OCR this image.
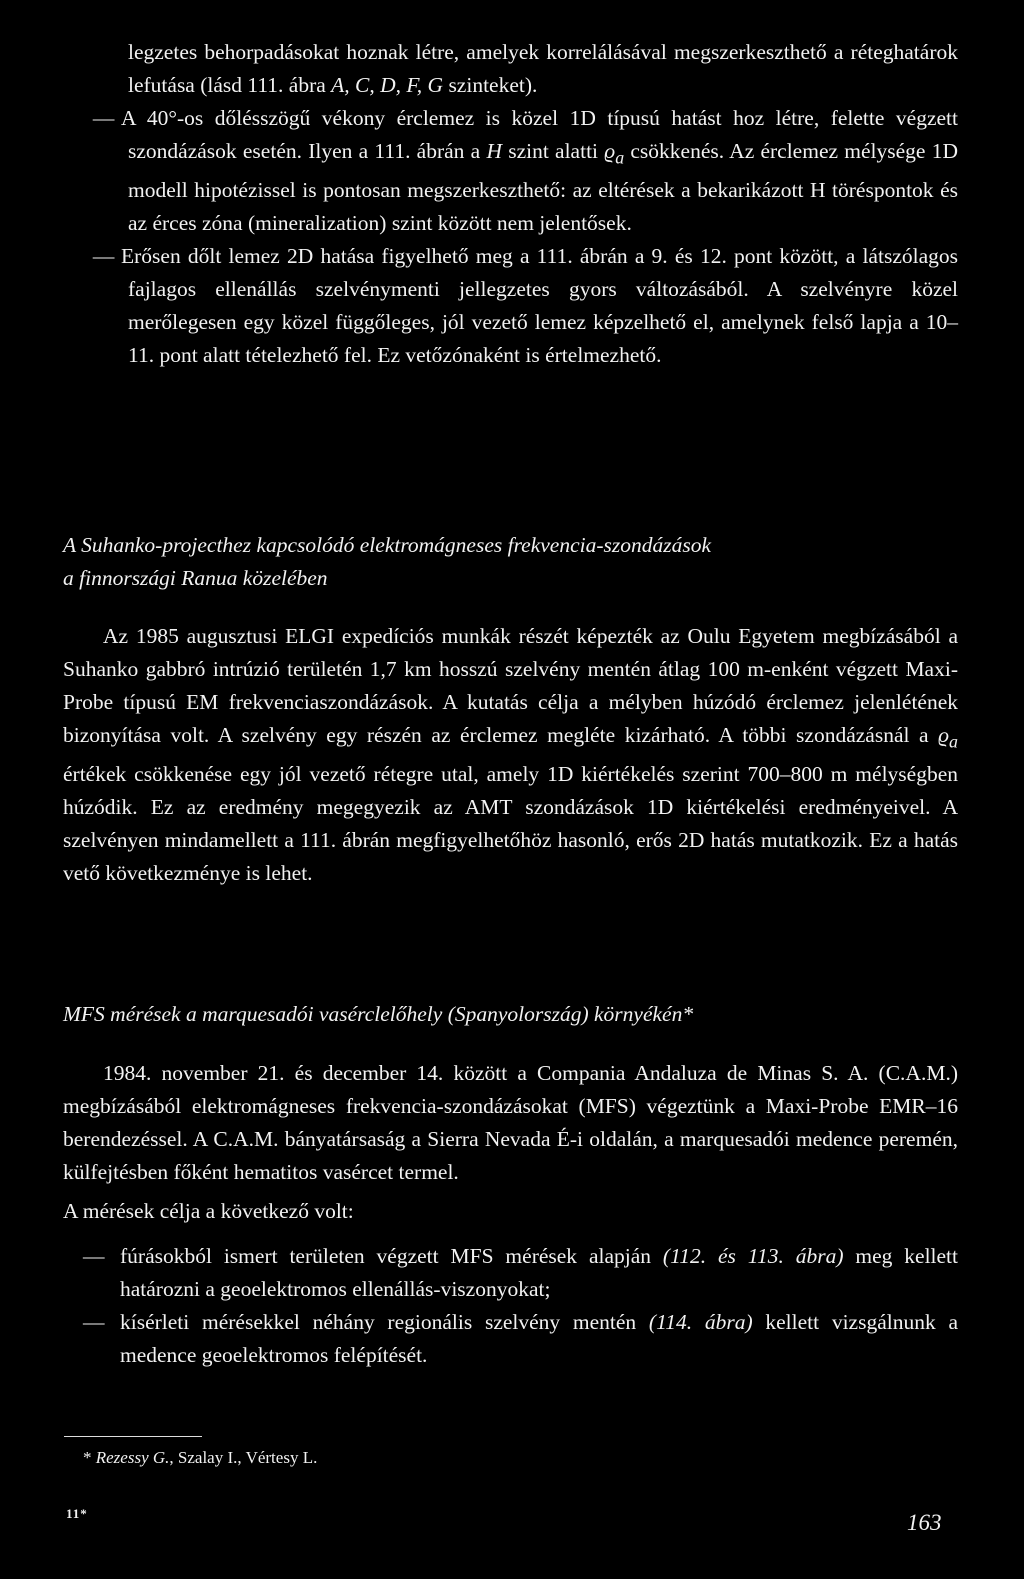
legzetes behorpadásokat hoznak létre, amelyek korrelálásával megszerkeszthető a réteghatárok lefutása (lásd 111. ábra A, C, D, F, G szinteket).

— A 40°-os dőlésszögű vékony érclemez is közel 1D típusú hatást hoz létre, felette végzett szondázások esetén. Ilyen a 111. ábrán a H szint alatti $ϱ_a$ csökkenés. Az érclemez mélysége 1D modell hipotézissel is pontosan megszerkeszthető: az eltérések a bekarikázott H töréspontok és az érces zóna (mineralization) szint között nem jelentősek.

— Erősen dőlt lemez 2D hatása figyelhető meg a 111. ábrán a 9. és 12. pont között, a látszólagos fajlagos ellenállás szelvénymenti jellegzetes gyors változásából. A szelvényre közel merőlegesen egy közel függőleges, jól vezető lemez képzelhető el, amelynek felső lapja a 10–11. pont alatt tételezhető fel. Ez vetőzónaként is értelmezhető.

A Suhanko-projecthez kapcsolódó elektromágneses frekvencia-szondázások

a finnországi Ranua közelében

Az 1985 augusztusi ELGI expedíciós munkák részét képezték az Oulu Egyetem megbízásából a Suhanko gabbró intrúzió területén 1,7 km hosszú szelvény mentén átlag 100 m-enként végzett Maxi-Probe típusú EM frekvenciaszondázások. A kutatás célja a mélyben húzódó érclemez jelenlétének bizonyítása volt. A szelvény egy részén az érclemez megléte kizárható. A többi szondázásnál a $ϱ_a$ értékek csökkenése egy jól vezető rétegre utal, amely 1D kiértékelés szerint 700–800 m mélységben húzódik. Ez az eredmény megegyezik az AMT szondázások 1D kiértékelési eredményeivel. A szelvényen mindamellett a 111. ábrán megfigyelhetőhöz hasonló, erős 2D hatás mutatkozik. Ez a hatás vető következménye is lehet.

MFS mérések a marquesadói vasérclelőhely (Spanyolország) környékén*

1984. november 21. és december 14. között a Compania Andaluza de Minas S. A. (C.A.M.) megbízásából elektromágneses frekvencia-szondázásokat (MFS) végeztünk a Maxi-Probe EMR–16 berendezéssel. A C.A.M. bányatársaság a Sierra Nevada É-i oldalán, a marquesadói medence peremén, külfejtésben főként hematitos vasércet termel.

A mérések célja a következő volt:

— fúrásokból ismert területen végzett MFS mérések alapján (112. és 113. ábra) meg kellett határozni a geoelektromos ellenállás-viszonyokat;

— kísérleti mérésekkel néhány regionális szelvény mentén (114. ábra) kellett vizsgálnunk a medence geoelektromos felépítését.

* Rezessy G., Szalay I., Vértesy L.
11*	163
